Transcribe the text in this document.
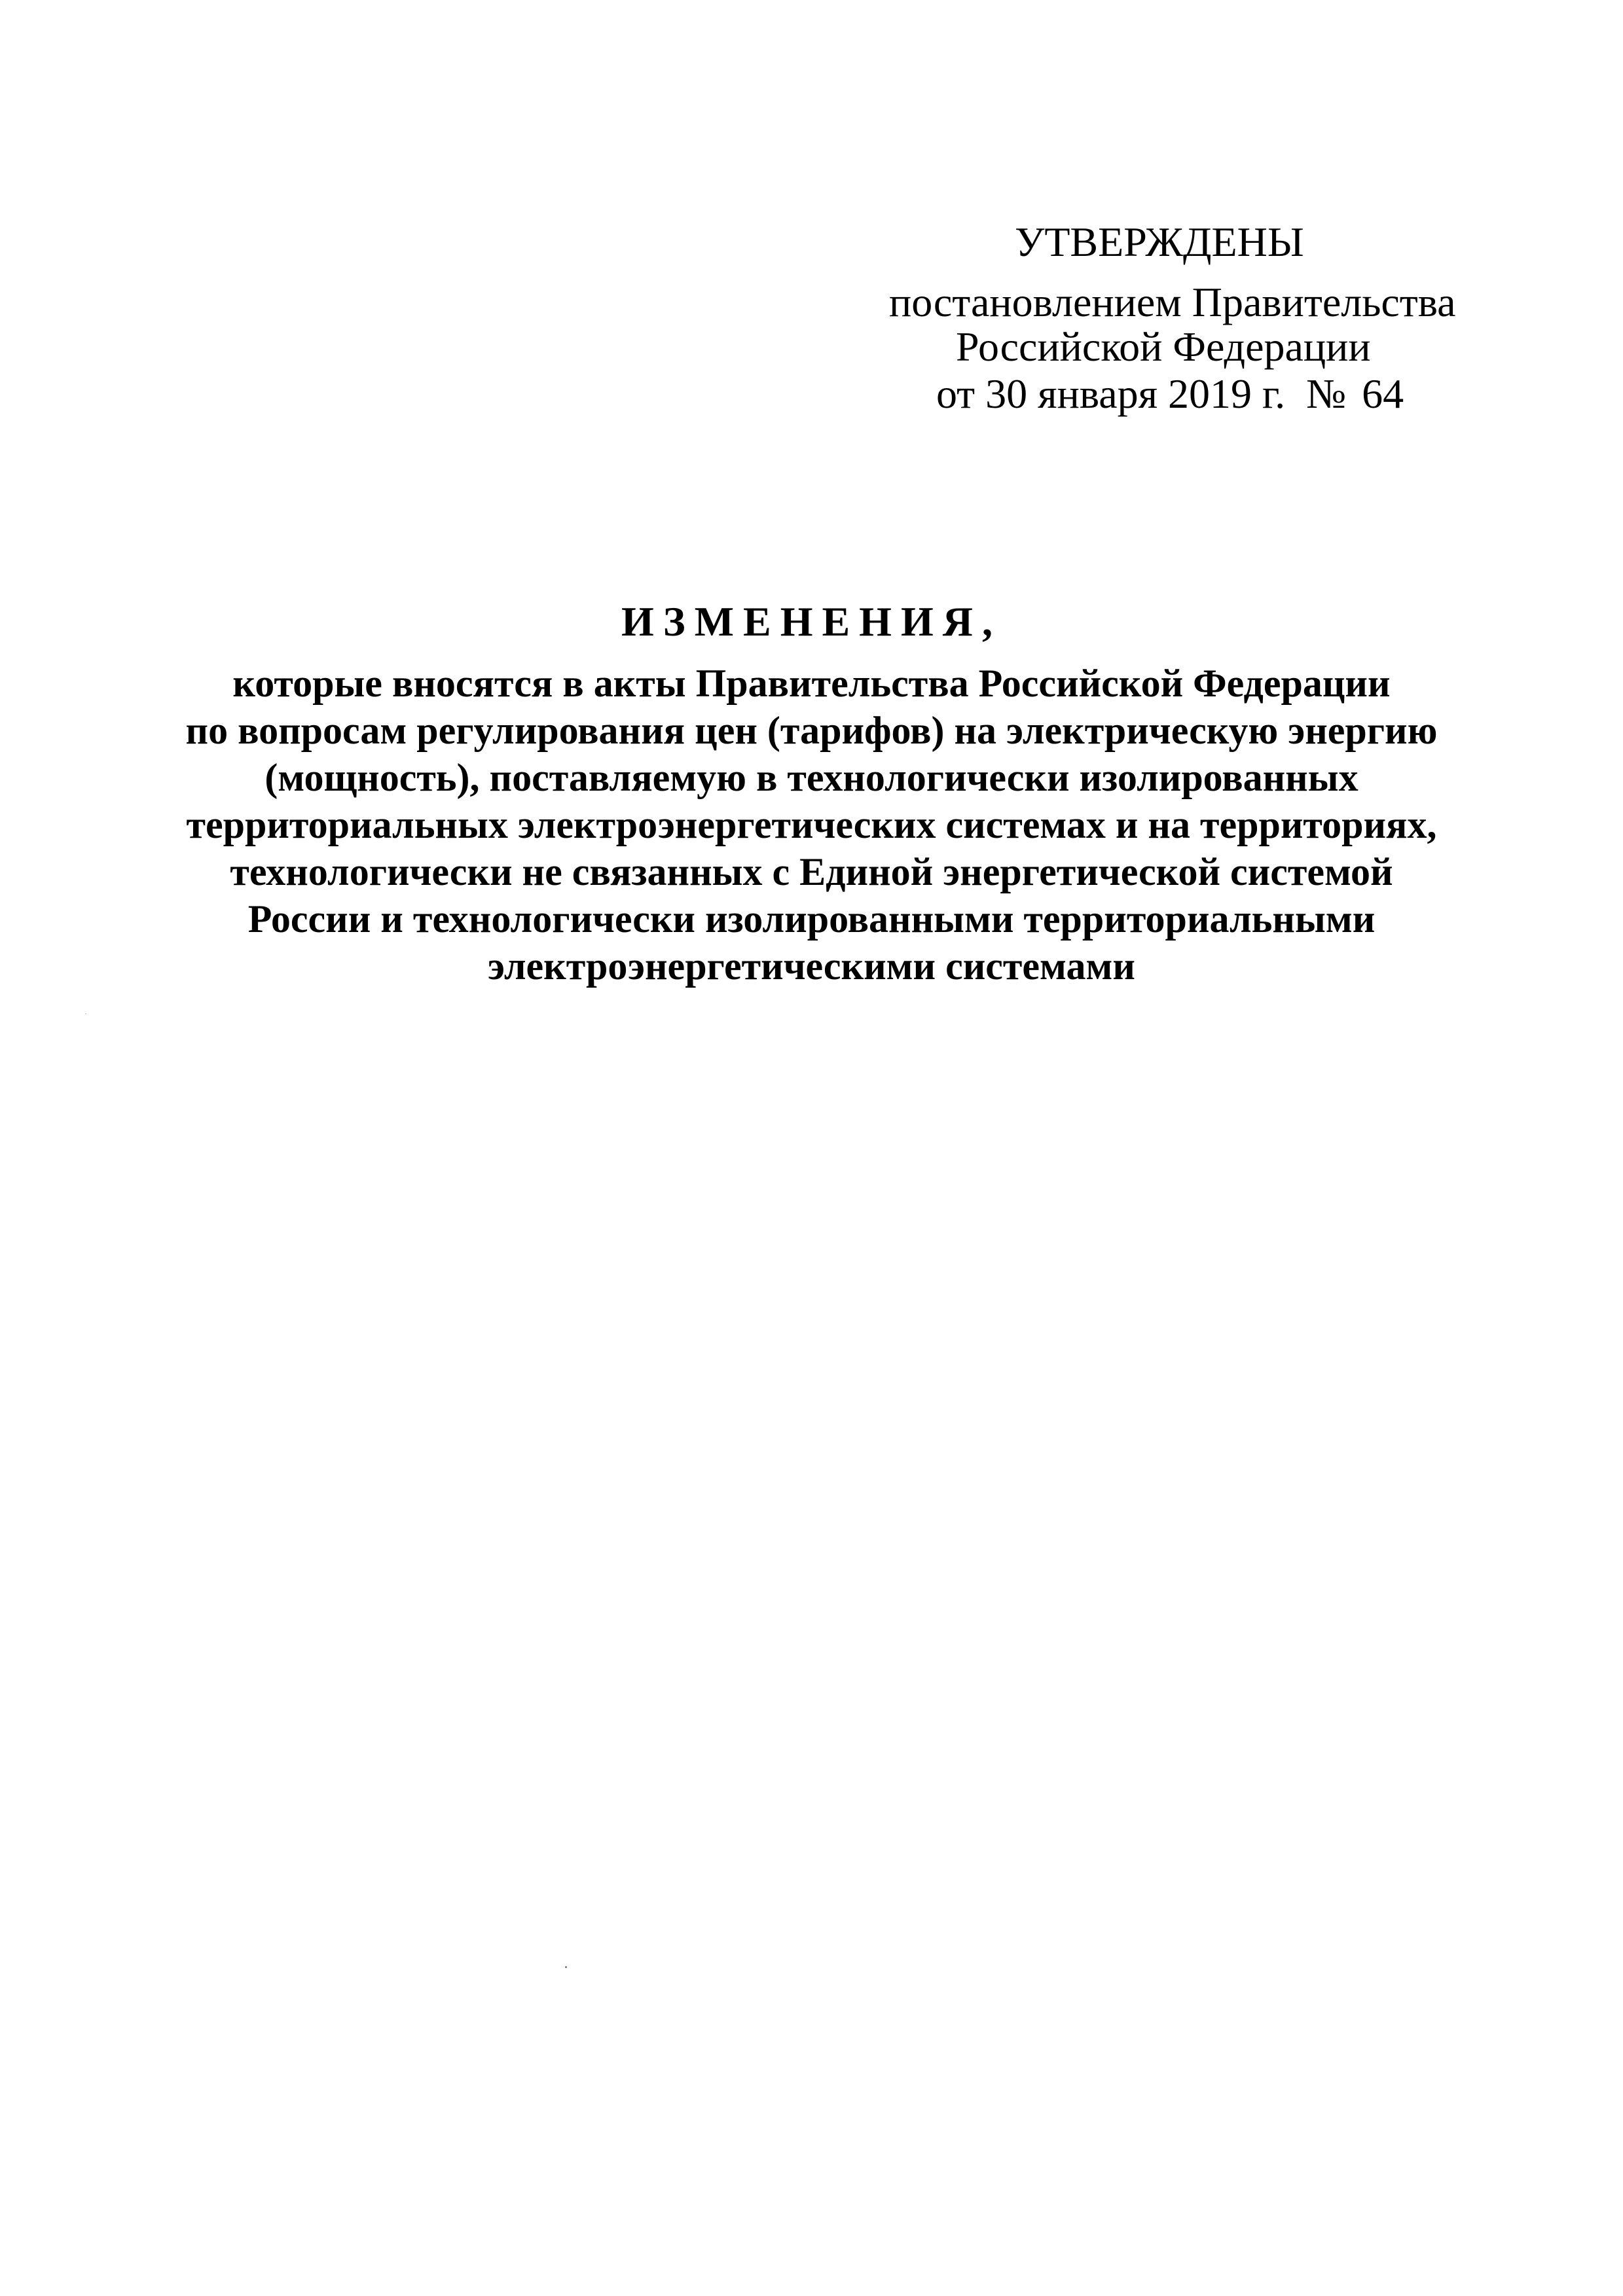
УТВЕРЖДЕНЫ
постановлением Правительства
Российской Федерации
от 30 января 2019 г. № 64
ИЗМЕНЕНИЯ,
которые вносятся в акты Правительства Российской Федерации
по вопросам регулирования цен (тарифов) на электрическую энергию
(мощность), поставляемую в технологически изолированных
территориальных электроэнергетических системах и на территориях,
технологически не связанных с Единой энергетической системой
России и технологически изолированными территориальными
электроэнергетическими системами
